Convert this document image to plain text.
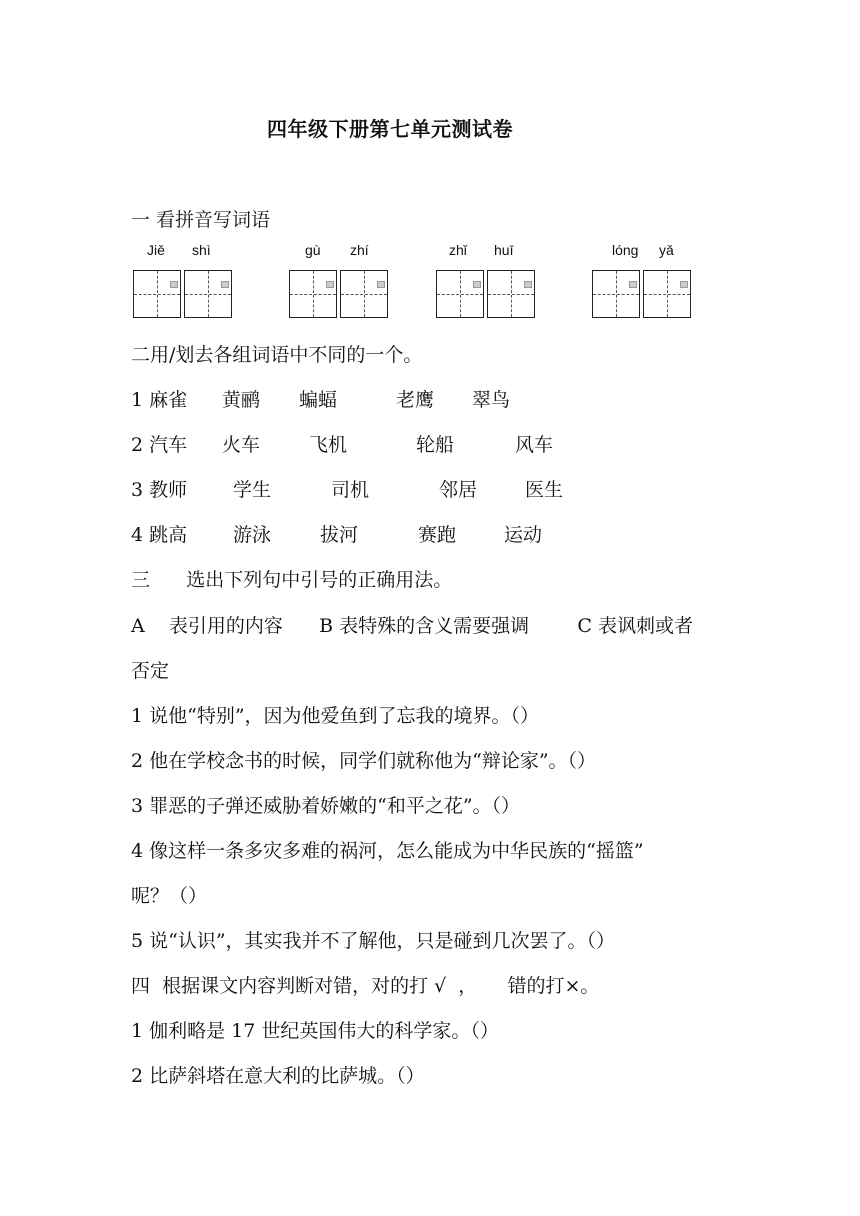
四年级下册第七单元测试卷
一 看拼音写词语
Jiě shì	gù zhí	zhǐ huī	lóng yǎ
二用/划去各组词语中不同的一个。
1 麻雀 黄鹂 蝙蝠	老鹰 翠鸟
2 汽车 火车	飞机	轮船	风车
3 教师 学生	司机	邻居	医生
4 跳高 游泳	拔河	赛跑	运动
三      选出下列句中引号的正确用法。
A    表引用的内容      B 表特殊的含义需要强调        C 表讽刺或者
否定
1 说他“特别”，因为他爱鱼到了忘我的境界。（）
2 他在学校念书的时候，同学们就称他为“辩论家”。（）
3 罪恶的子弹还威胁着娇嫩的“和平之花”。（）
4 像这样一条多灾多难的祸河，怎么能成为中华民族的“摇篮”
呢？（）
5 说“认识”，其实我并不了解他，只是碰到几次罢了。（）
四  根据课文内容判断对错，对的打 √  ，     错的打×。
1 伽利略是 17 世纪英国伟大的科学家。（）
2 比萨斜塔在意大利的比萨城。（）
